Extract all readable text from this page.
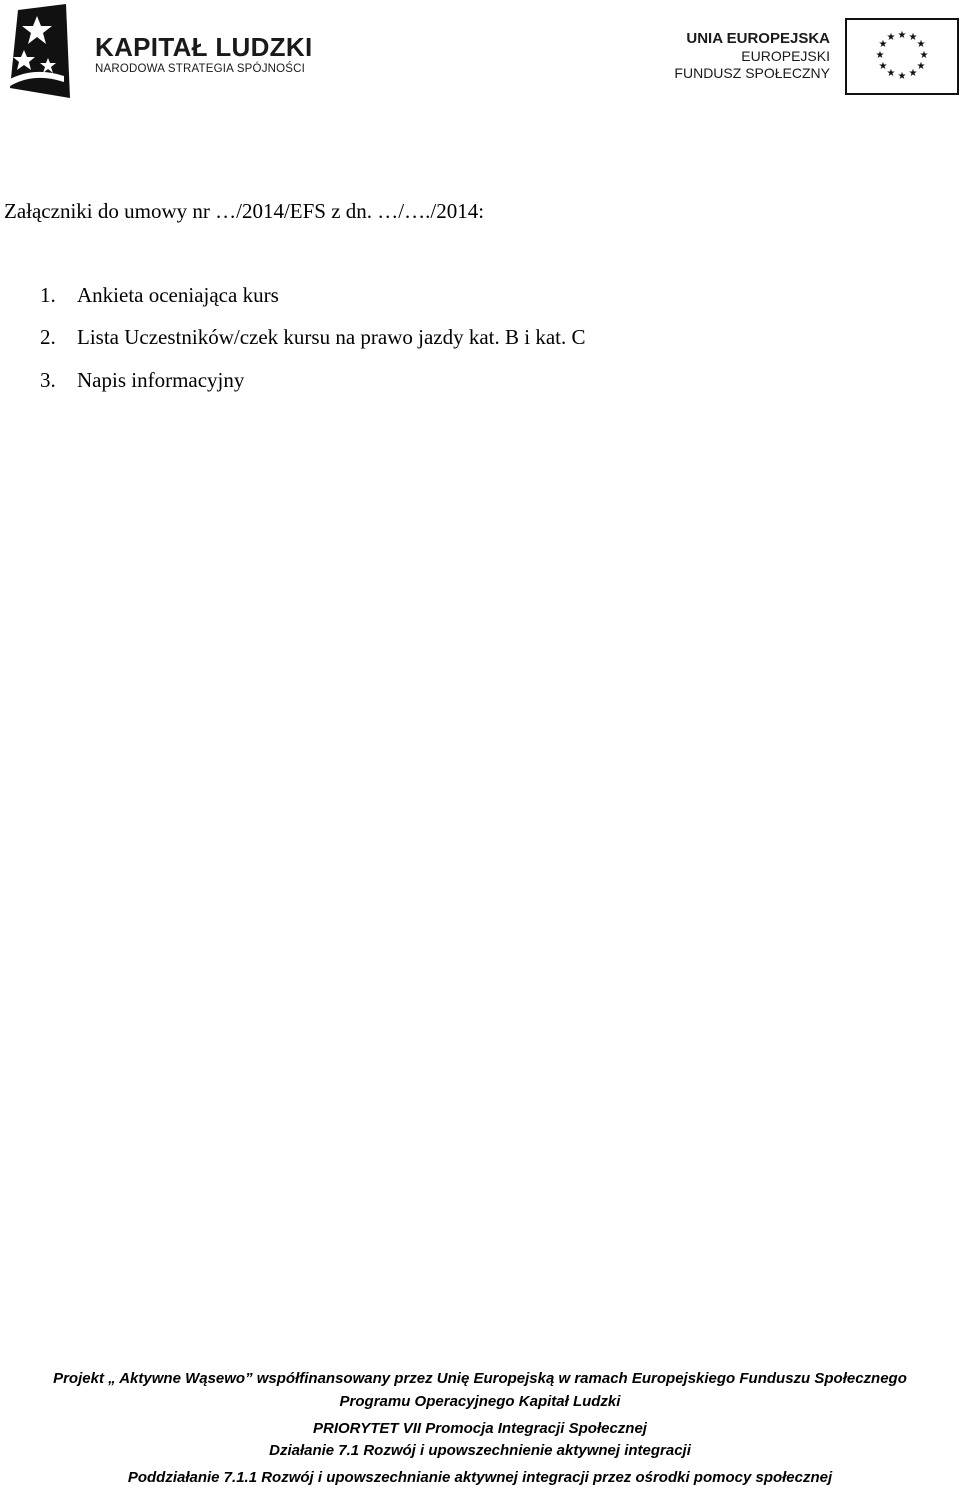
KAPITAŁ LUDZKI
NARODOWA STRATEGIA SPÓJNOŚCI
UNIA EUROPEJSKA
EUROPEJSKI
FUNDUSZ SPOŁECZNY
★ ★
★
★
★
★
★
★
★
★
★
★
Załączniki do umowy nr …/2014/EFS z dn. …/…./2014:
1. Ankieta oceniająca kurs
2. Lista Uczestników/czek kursu na prawo jazdy kat. B i kat. C
3. Napis informacyjny
Projekt „ Aktywne Wąsewo” współfinansowany przez Unię Europejską w ramach Europejskiego Funduszu Społecznego
Programu Operacyjnego Kapitał Ludzki
PRIORYTET VII Promocja Integracji Społecznej
Działanie 7.1 Rozwój i upowszechnienie aktywnej integracji
Poddziałanie 7.1.1 Rozwój i upowszechnianie aktywnej integracji przez ośrodki pomocy społecznej
